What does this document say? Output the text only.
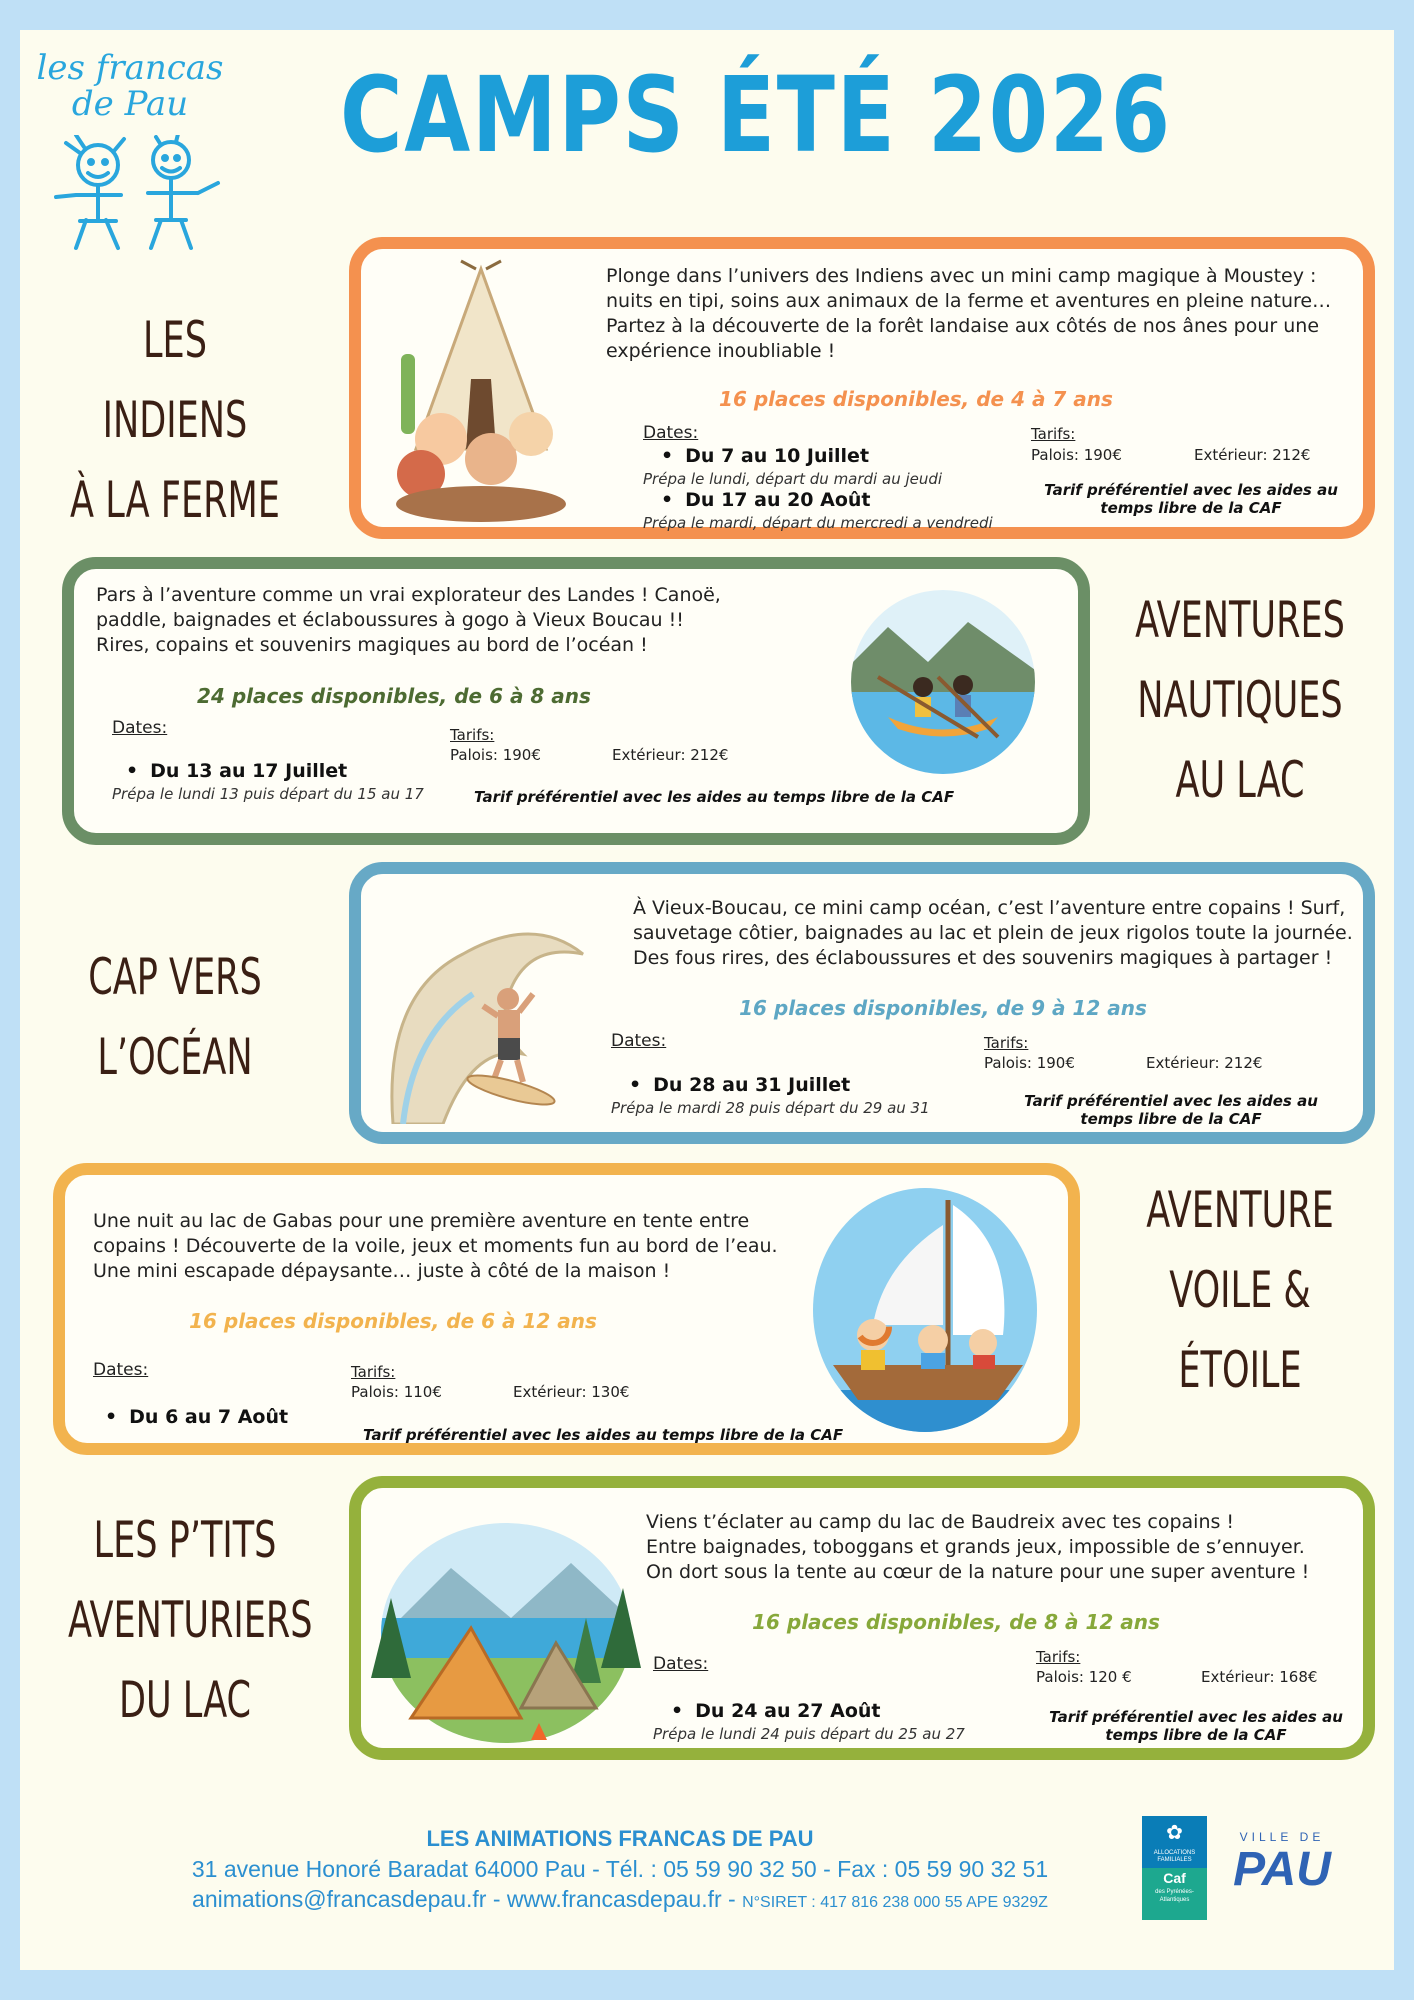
les francas
de Pau	CAMPS ÉTÉ 2026
LES INDIENS
À LA FERME
Plonge dans l’univers des Indiens avec un mini camp magique à Moustey : nuits en tipi, soins aux animaux de la ferme et aventures en pleine nature… Partez à la découverte de la forêt landaise aux côtés de nos ânes pour une expérience inoubliable !
16 places disponibles, de 4 à 7 ans
Dates:
• Du 7 au 10 Juillet
Prépa le lundi, départ du mardi au jeudi
• Du 17 au 20 Août
Prépa le mardi, départ du mercredi a vendredi
Tarifs:
Palois: 190€	Extérieur: 212€
Tarif préférentiel avec les aides au temps libre de la CAF
Pars à l’aventure comme un vrai explorateur des Landes ! Canoë, paddle, baignades et éclaboussures à gogo à Vieux Boucau !!
Rires, copains et souvenirs magiques au bord de l’océan !
24 places disponibles, de 6 à 8 ans
Dates:
• Du 13 au 17 Juillet
Prépa le lundi 13 puis départ du 15 au 17
Tarifs:
Palois: 190€	Extérieur: 212€
Tarif préférentiel avec les aides au temps libre de la CAF
AVENTURES
NAUTIQUES
AU LAC
CAP VERS
L’OCÉAN
À Vieux-Boucau, ce mini camp océan, c’est l’aventure entre copains ! Surf, sauvetage côtier, baignades au lac et plein de jeux rigolos toute la journée. Des fous rires, des éclaboussures et des souvenirs magiques à partager !
16 places disponibles, de 9 à 12 ans
Dates:
• Du 28 au 31 Juillet
Prépa le mardi 28 puis départ du 29 au 31
Tarifs:
Palois: 190€	Extérieur: 212€
Tarif préférentiel avec les aides au temps libre de la CAF
Une nuit au lac de Gabas pour une première aventure en tente entre copains ! Découverte de la voile, jeux et moments fun au bord de l’eau.
Une mini escapade dépaysante… juste à côté de la maison !
16 places disponibles, de 6 à 12 ans
Dates:
• Du 6 au 7 Août
Tarifs:
Palois: 110€	Extérieur: 130€
Tarif préférentiel avec les aides au temps libre de la CAF
AVENTURE
VOILE &
ÉTOILE
LES P’TITS
AVENTURIERS
DU LAC
Viens t’éclater au camp du lac de Baudreix avec tes copains !
Entre baignades, toboggans et grands jeux, impossible de s’ennuyer.
On dort sous la tente au cœur de la nature pour une super aventure !
16 places disponibles, de 8 à 12 ans
Dates:
• Du 24 au 27 Août
Prépa le lundi 24 puis départ du 25 au 27
Tarifs:
Palois: 120 €	Extérieur: 168€
Tarif préférentiel avec les aides au temps libre de la CAF
LES ANIMATIONS FRANCAS DE PAU
31 avenue Honoré Baradat 64000 Pau - Tél. : 05 59 90 32 50 - Fax : 05 59 90 32 51
animations@francasdepau.fr - www.francasdepau.fr - N°SIRET : 417 816 238 000 55 APE 9329Z
✿
ALLOCATIONS
FAMILIALES
Caf
des Pyrénées-
Atlantiques
VILLE DE
PAU
